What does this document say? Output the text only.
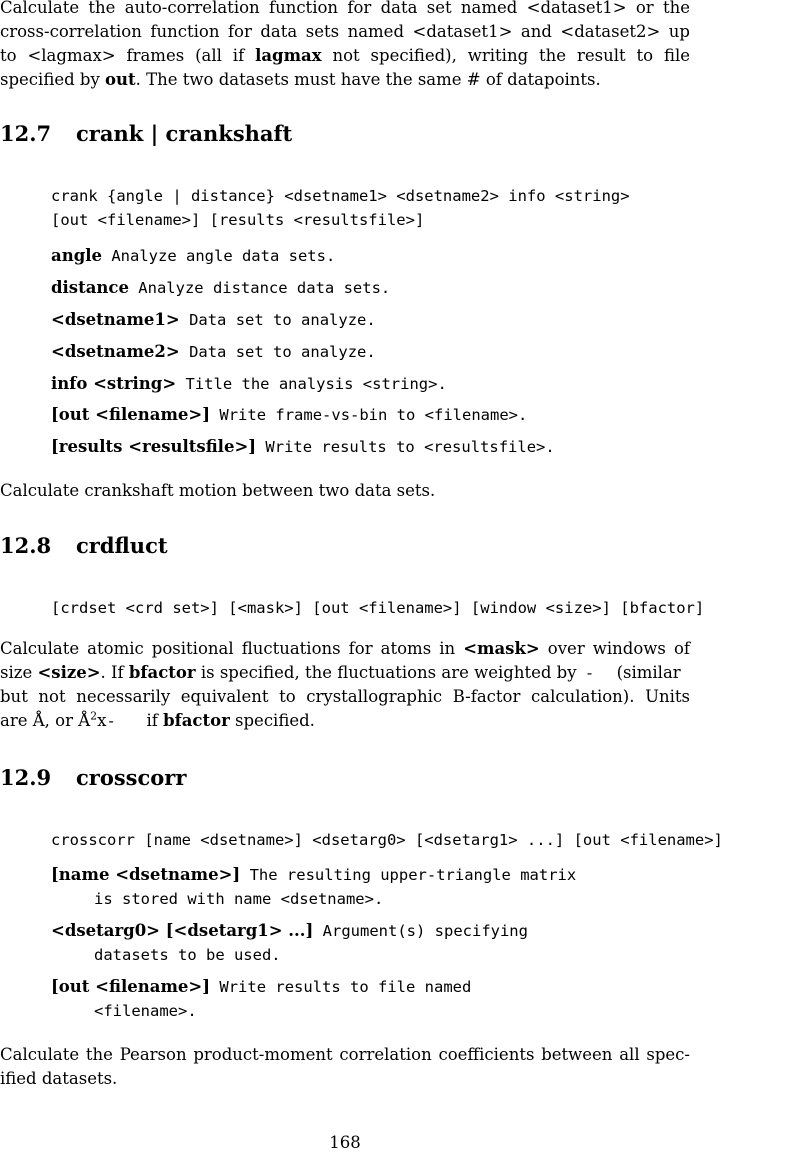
Calculate the auto-correlation function for data set named <dataset1> or the
cross-correlation function for data sets named <dataset1> and <dataset2> up
to <lagmax> frames (all if lagmax not specified), writing the result to file
specified by out. The two datasets must have the same # of datapoints.
12.7 crank | crankshaft
crank {angle | distance} <dsetname1> <dsetname2> info <string>
[out <filename>] [results <resultsfile>]
angle Analyze angle data sets.
distance Analyze distance data sets.
<dsetname1> Data set to analyze.
<dsetname2> Data set to analyze.
info <string> Title the analysis <string>.
[out <filename>] Write frame-vs-bin to <filename>.
[results <resultsfile>] Write results to <resultsfile>.

Calculate crankshaft motion between two data sets.

12.8 crdfluct
[crdset <crd set>] [<mask>] [out <filename>] [window <size>] [bfactor]
Calculate atomic positional fluctuations for atoms in <mask> over windows of
size <size>. If bfactor is specified, the fluctuations are weighted by - (similar
but not necessarily equivalent to crystallographic B-factor calculation). Units
are Å, or $Å^2x-$ if bfactor specified.
12.9 crosscorr
crosscorr [name <dsetname>] <dsetarg0> [<dsetarg1> ...] [out <filename>]
[name <dsetname>] The resulting upper-triangle matrix
is stored with name <dsetname>.
<dsetarg0> [<dsetarg1> ...] Argument(s) specifying
datasets to be used.
[out <filename>] Write results to file named
<filename>.
Calculate the Pearson product-moment correlation coefficients between all spec-
ified datasets.
168
